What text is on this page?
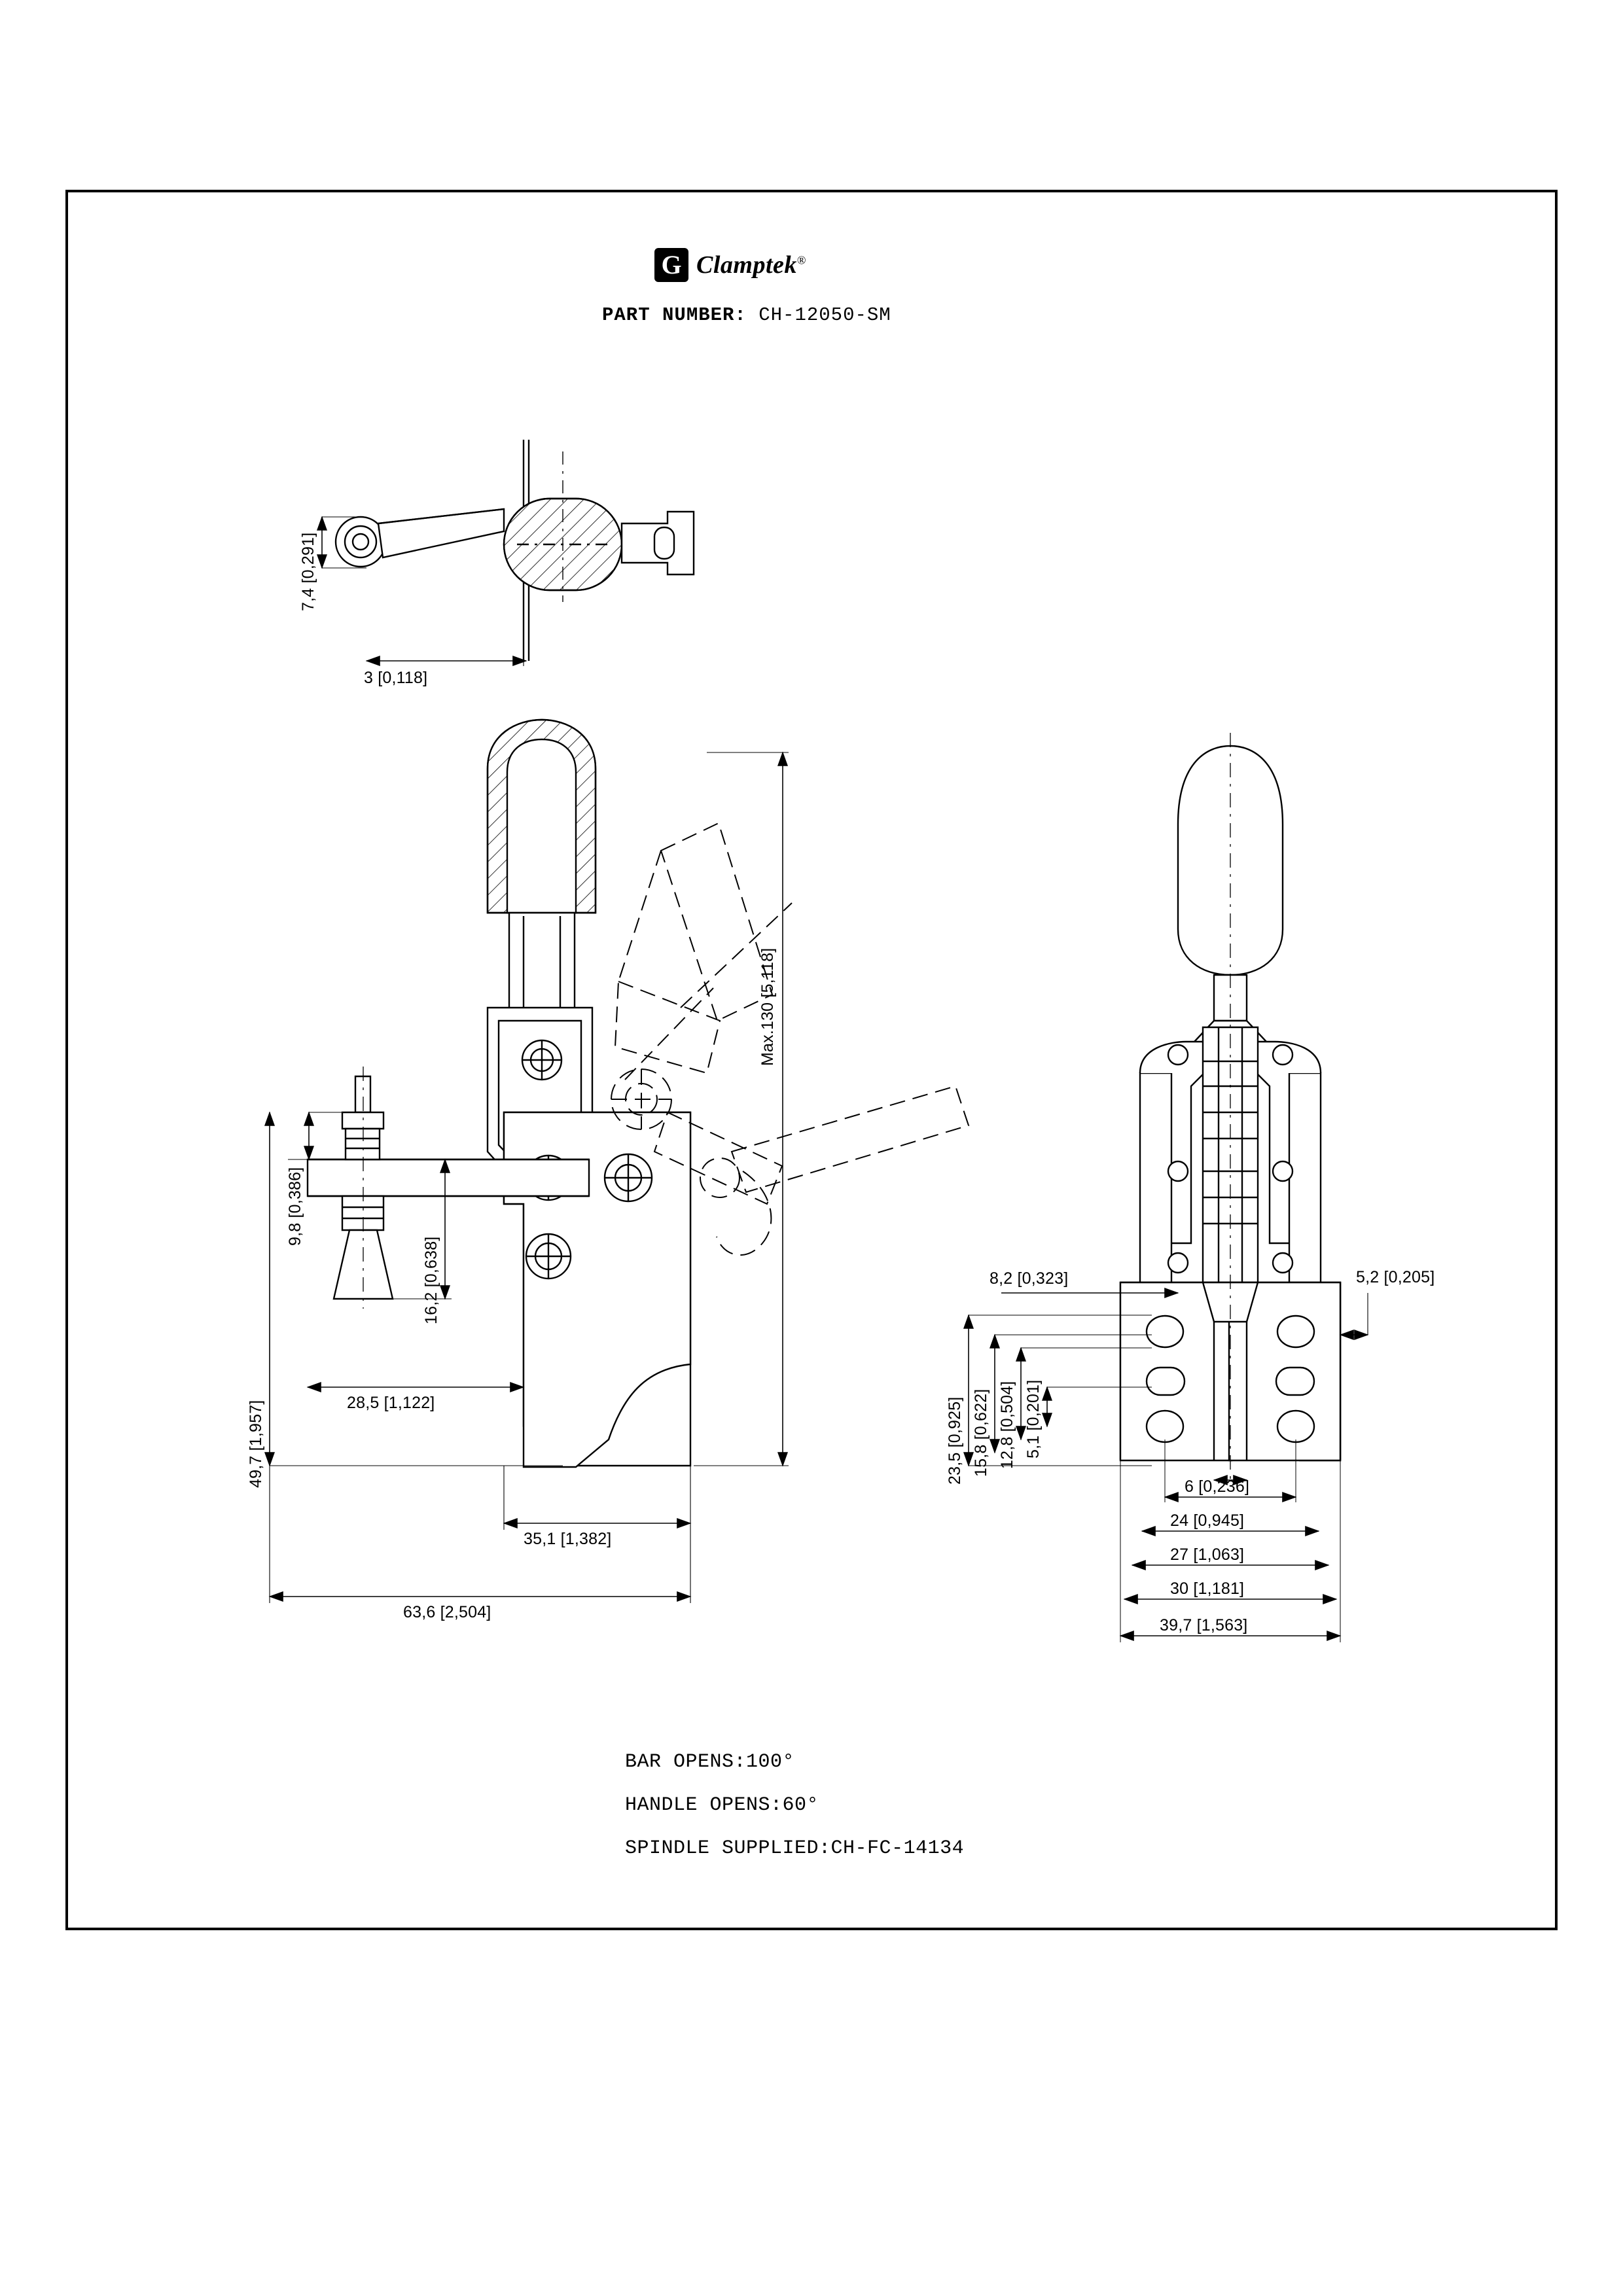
G Clamptek®
PART NUMBER: CH-12050-SM
7,4 [0,291]
3 [0,118]
Max.130 [5,118]
9,8 [0,386]
16,2 [0,638]
49,7 [1,957]	28,5 [1,122]
35,1 [1,382]
63,6 [2,504]
8,2 [0,323]	5,2 [0,205]
23,5 [0,925] 15,8 [0,622] 12,8 [0,504] 5,1 [0,201]
6 [0,236]
24 [0,945]
27 [1,063]
30 [1,181]
39,7 [1,563]
BAR OPENS:100°
HANDLE OPENS:60°
SPINDLE SUPPLIED:CH-FC-14134
